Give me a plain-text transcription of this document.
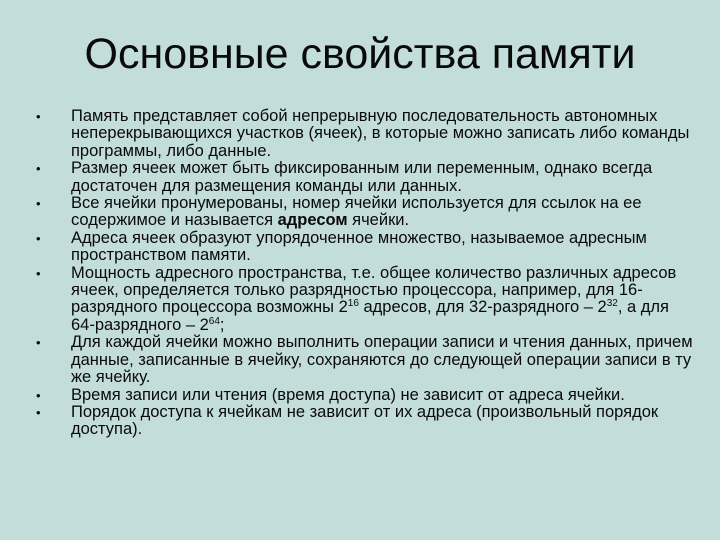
Основные свойства памяти
• Память представляет собой непрерывную последовательность автономных неперекрывающихся участков (ячеек), в которые можно записать либо команды программы, либо данные.
• Размер ячеек может быть фиксированным или переменным, однако всегда достаточен для размещения команды или данных.
• Все ячейки пронумерованы, номер ячейки используется для ссылок на ее содержимое и называется адресом ячейки.
• Адреса ячеек образуют упорядоченное множество, называемое адресным пространством памяти.
• Мощность адресного пространства, т.е. общее количество различных адресов ячеек, определяется только разрядностью процессора, например, для 16-разрядного процессора возможны $2^{16}$ адресов, для 32-разрядного – $2^{32}$, а для 64-разрядного – $2^{64}$;
• Для каждой ячейки можно выполнить операции записи и чтения данных, причем данные, записанные в ячейку, сохраняются до следующей операции записи в ту же ячейку.
• Время записи или чтения (время доступа) не зависит от адреса ячейки.
• Порядок доступа к ячейкам не зависит от их адреса (произвольный порядок доступа).
